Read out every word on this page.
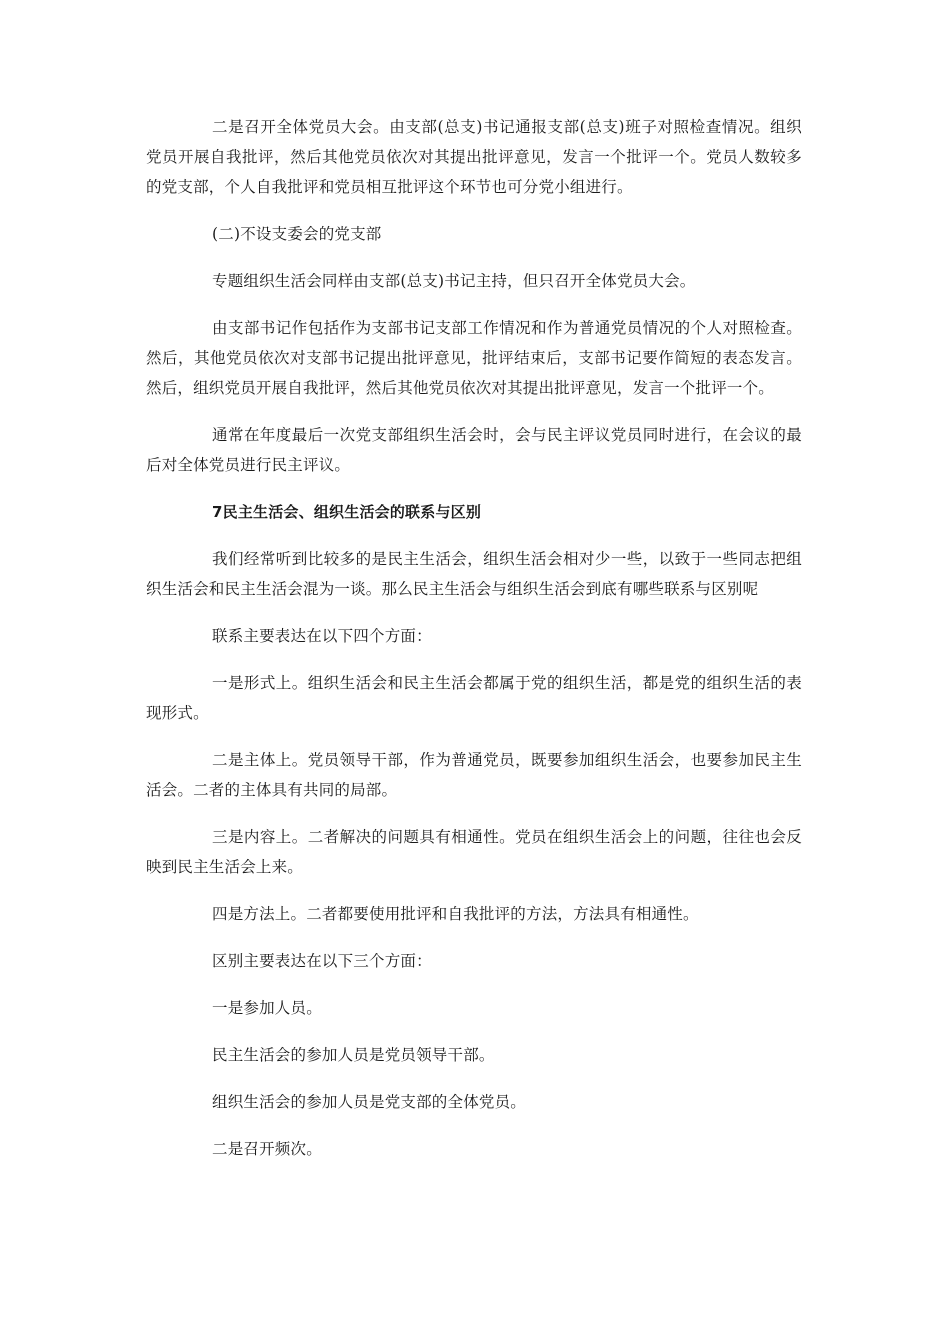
二是召开全体党员大会。由支部(总支)书记通报支部(总支)班子对照检查情况。组织党员开展自我批评，然后其他党员依次对其提出批评意见，发言一个批评一个。党员人数较多的党支部，个人自我批评和党员相互批评这个环节也可分党小组进行。

(二)不设支委会的党支部

专题组织生活会同样由支部(总支)书记主持，但只召开全体党员大会。

由支部书记作包括作为支部书记支部工作情况和作为普通党员情况的个人对照检查。然后，其他党员依次对支部书记提出批评意见，批评结束后，支部书记要作简短的表态发言。然后，组织党员开展自我批评，然后其他党员依次对其提出批评意见，发言一个批评一个。

通常在年度最后一次党支部组织生活会时，会与民主评议党员同时进行，在会议的最后对全体党员进行民主评议。

7民主生活会、组织生活会的联系与区别

我们经常听到比较多的是民主生活会，组织生活会相对少一些，以致于一些同志把组织生活会和民主生活会混为一谈。那么民主生活会与组织生活会到底有哪些联系与区别呢

联系主要表达在以下四个方面：

一是形式上。组织生活会和民主生活会都属于党的组织生活，都是党的组织生活的表现形式。

二是主体上。党员领导干部，作为普通党员，既要参加组织生活会，也要参加民主生活会。二者的主体具有共同的局部。

三是内容上。二者解决的问题具有相通性。党员在组织生活会上的问题，往往也会反映到民主生活会上来。

四是方法上。二者都要使用批评和自我批评的方法，方法具有相通性。

区别主要表达在以下三个方面：

一是参加人员。

民主生活会的参加人员是党员领导干部。

组织生活会的参加人员是党支部的全体党员。

二是召开频次。
